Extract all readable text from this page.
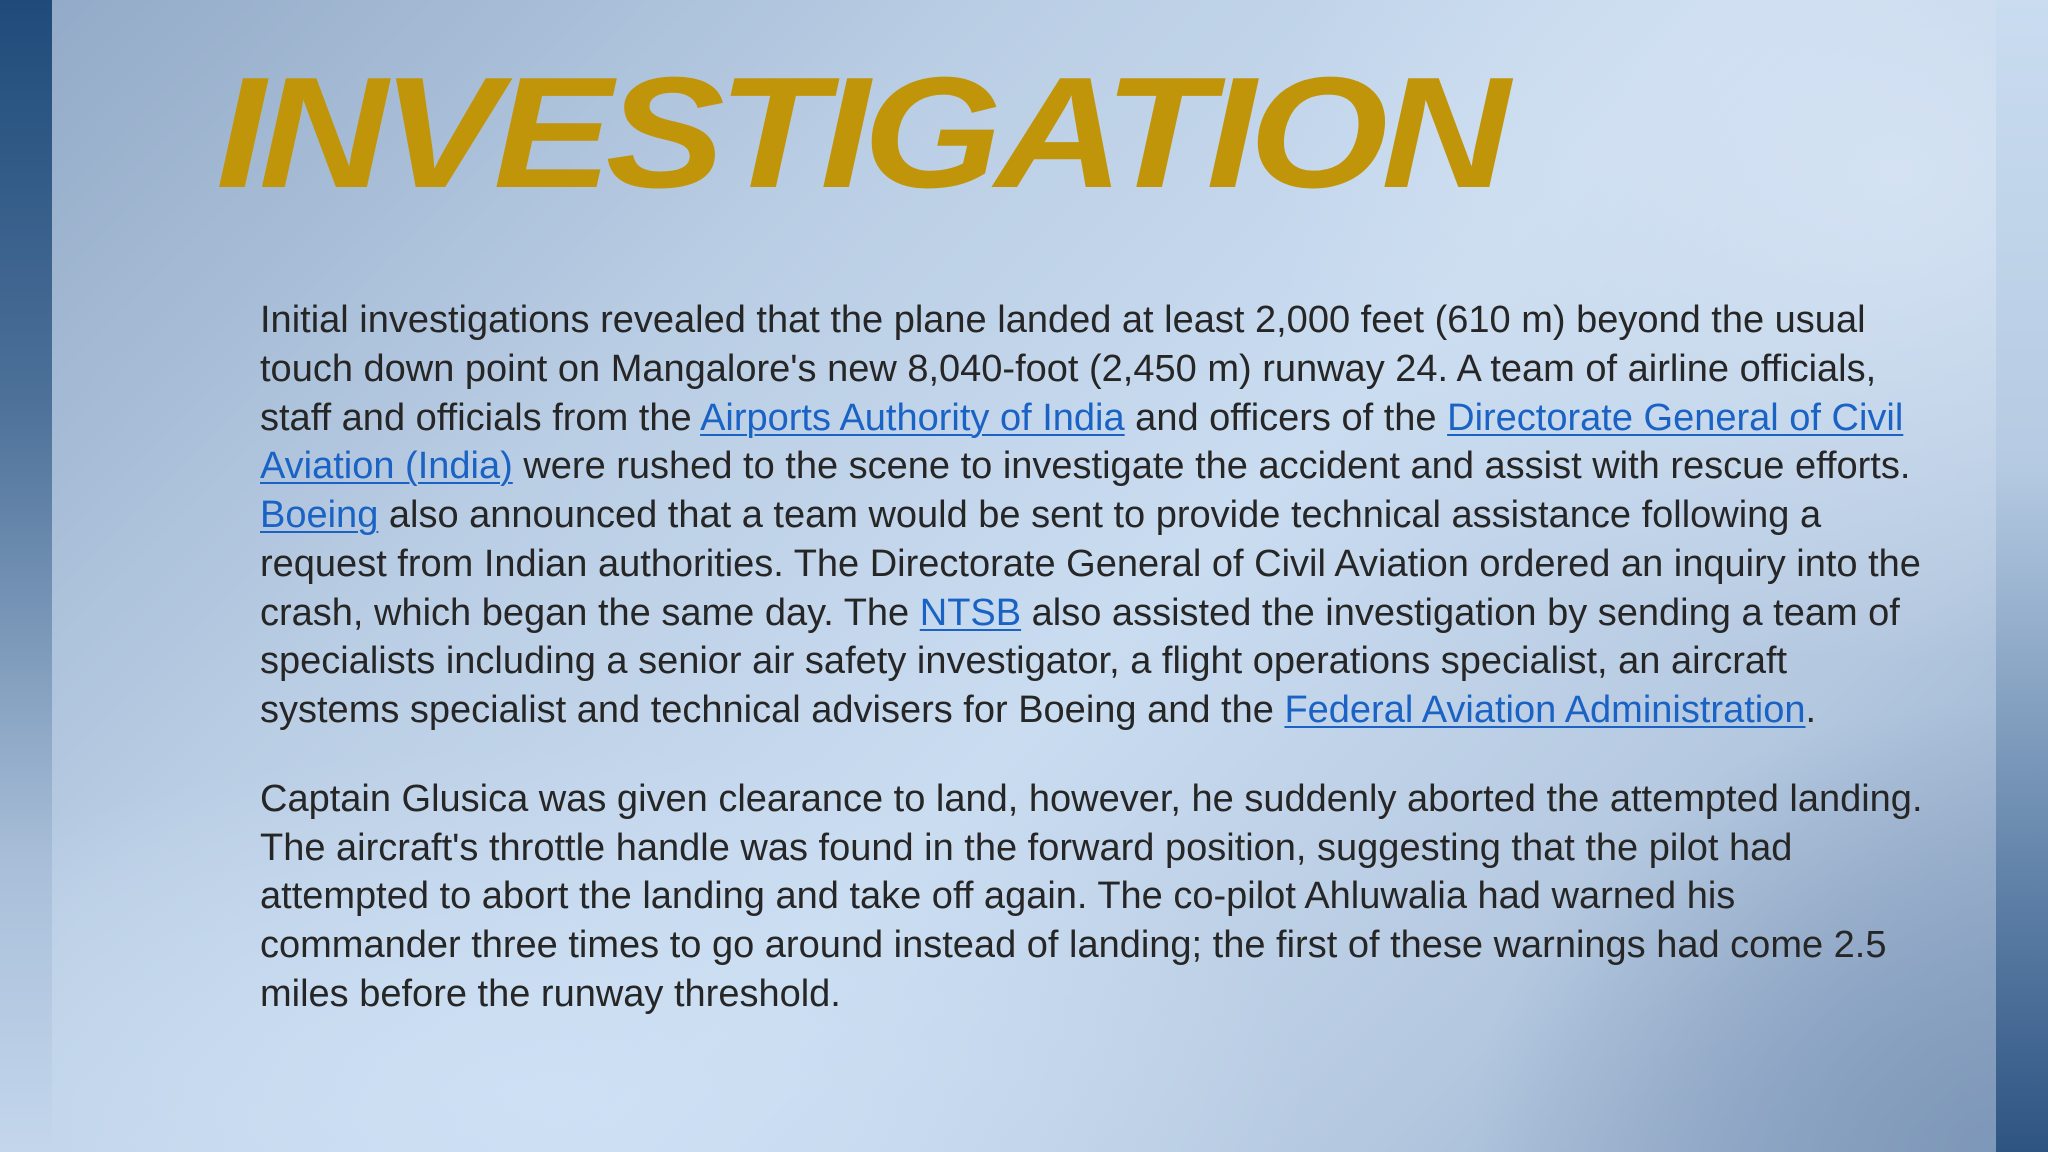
INVESTIGATION

Initial investigations revealed that the plane landed at least 2,000 feet (610 m) beyond the usual touch down point on Mangalore's new 8,040-foot (2,450 m) runway 24. A team of airline officials, staff and officials from the Airports Authority of India and officers of the Directorate General of Civil Aviation (India) were rushed to the scene to investigate the accident and assist with rescue efforts. Boeing also announced that a team would be sent to provide technical assistance following a request from Indian authorities. The Directorate General of Civil Aviation ordered an inquiry into the crash, which began the same day. The NTSB also assisted the investigation by sending a team of specialists including a senior air safety investigator, a flight operations specialist, an aircraft systems specialist and technical advisers for Boeing and the Federal Aviation Administration.

Captain Glusica was given clearance to land, however, he suddenly aborted the attempted landing. The aircraft's throttle handle was found in the forward position, suggesting that the pilot had attempted to abort the landing and take off again. The co-pilot Ahluwalia had warned his commander three times to go around instead of landing; the first of these warnings had come 2.5 miles before the runway threshold.
